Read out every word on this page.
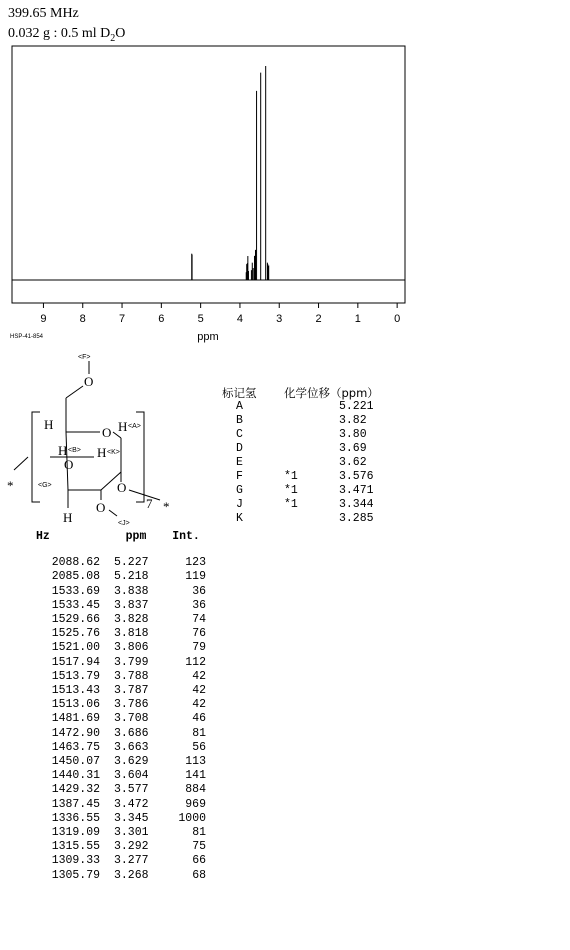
399.65 MHz
0.032 g : 0.5 ml $D_2O$
9	8	7	6	5	4	3	2	1	0
ppm
HSP-41-854
<F>
O
H
O H <A>
H <B> H <K>
O
<G>
*	O
O
<J>
7 *
H
标记氢	化学位移（ppm）	
A		5.221
B		3.82
C		3.80
D		3.69
E		3.62
F	*1	3.576
G	*1	3.471
J	*1	3.344
K		3.285
Hz	ppm	Int.
2088.62	5.227	123
2085.08	5.218	119
1533.69	3.838	36
1533.45	3.837	36
1529.66	3.828	74
1525.76	3.818	76
1521.00	3.806	79
1517.94	3.799	112
1513.79	3.788	42
1513.43	3.787	42
1513.06	3.786	42
1481.69	3.708	46
1472.90	3.686	81
1463.75	3.663	56
1450.07	3.629	113
1440.31	3.604	141
1429.32	3.577	884
1387.45	3.472	969
1336.55	3.345	1000
1319.09	3.301	81
1315.55	3.292	75
1309.33	3.277	66
1305.79	3.268	68
